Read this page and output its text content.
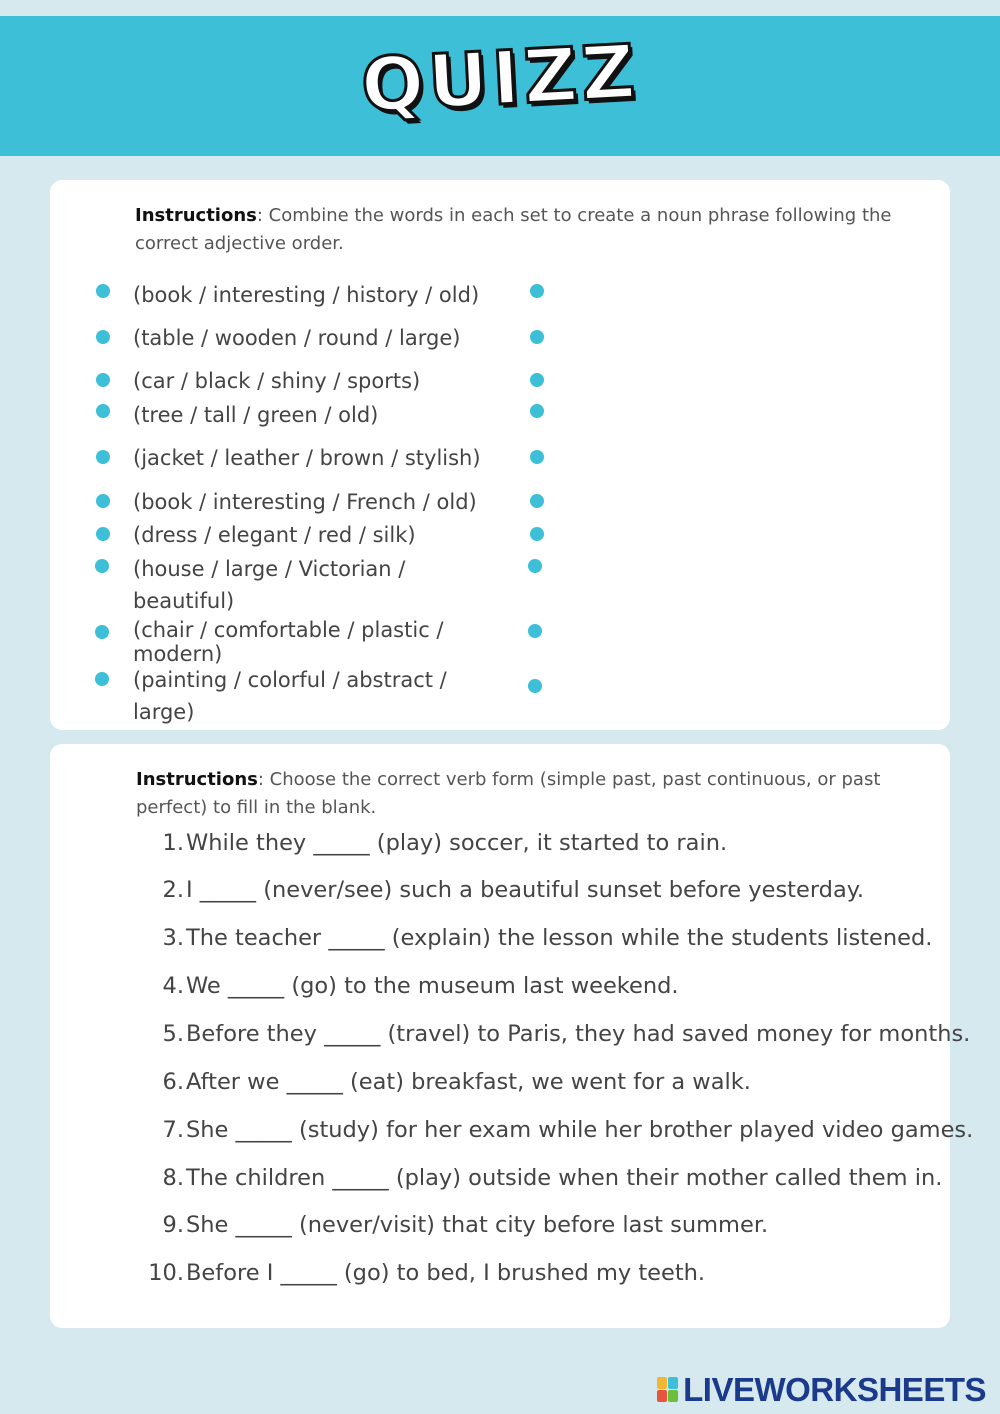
QUIZZ
Instructions: Combine the words in each set to create a noun phrase following the correct adjective order.
(book / interesting / history / old)
(table / wooden / round / large)
(car / black / shiny / sports)
(tree / tall / green / old)
(jacket / leather / brown / stylish)
(book / interesting / French / old)
(dress / elegant / red / silk)
(house / large / Victorian / beautiful)
(chair / comfortable / plastic / modern)
(painting / colorful / abstract / large)
Instructions: Choose the correct verb form (simple past, past continuous, or past perfect) to fill in the blank.
1. While they _____ (play) soccer, it started to rain.
2. I _____ (never/see) such a beautiful sunset before yesterday.
3. The teacher _____ (explain) the lesson while the students listened.
4. We _____ (go) to the museum last weekend.
5. Before they _____ (travel) to Paris, they had saved money for months.
6. After we _____ (eat) breakfast, we went for a walk.
7. She _____ (study) for her exam while her brother played video games.
8. The children _____ (play) outside when their mother called them in.
9. She _____ (never/visit) that city before last summer.
10. Before I _____ (go) to bed, I brushed my teeth.
LIVEWORKSHEETS
